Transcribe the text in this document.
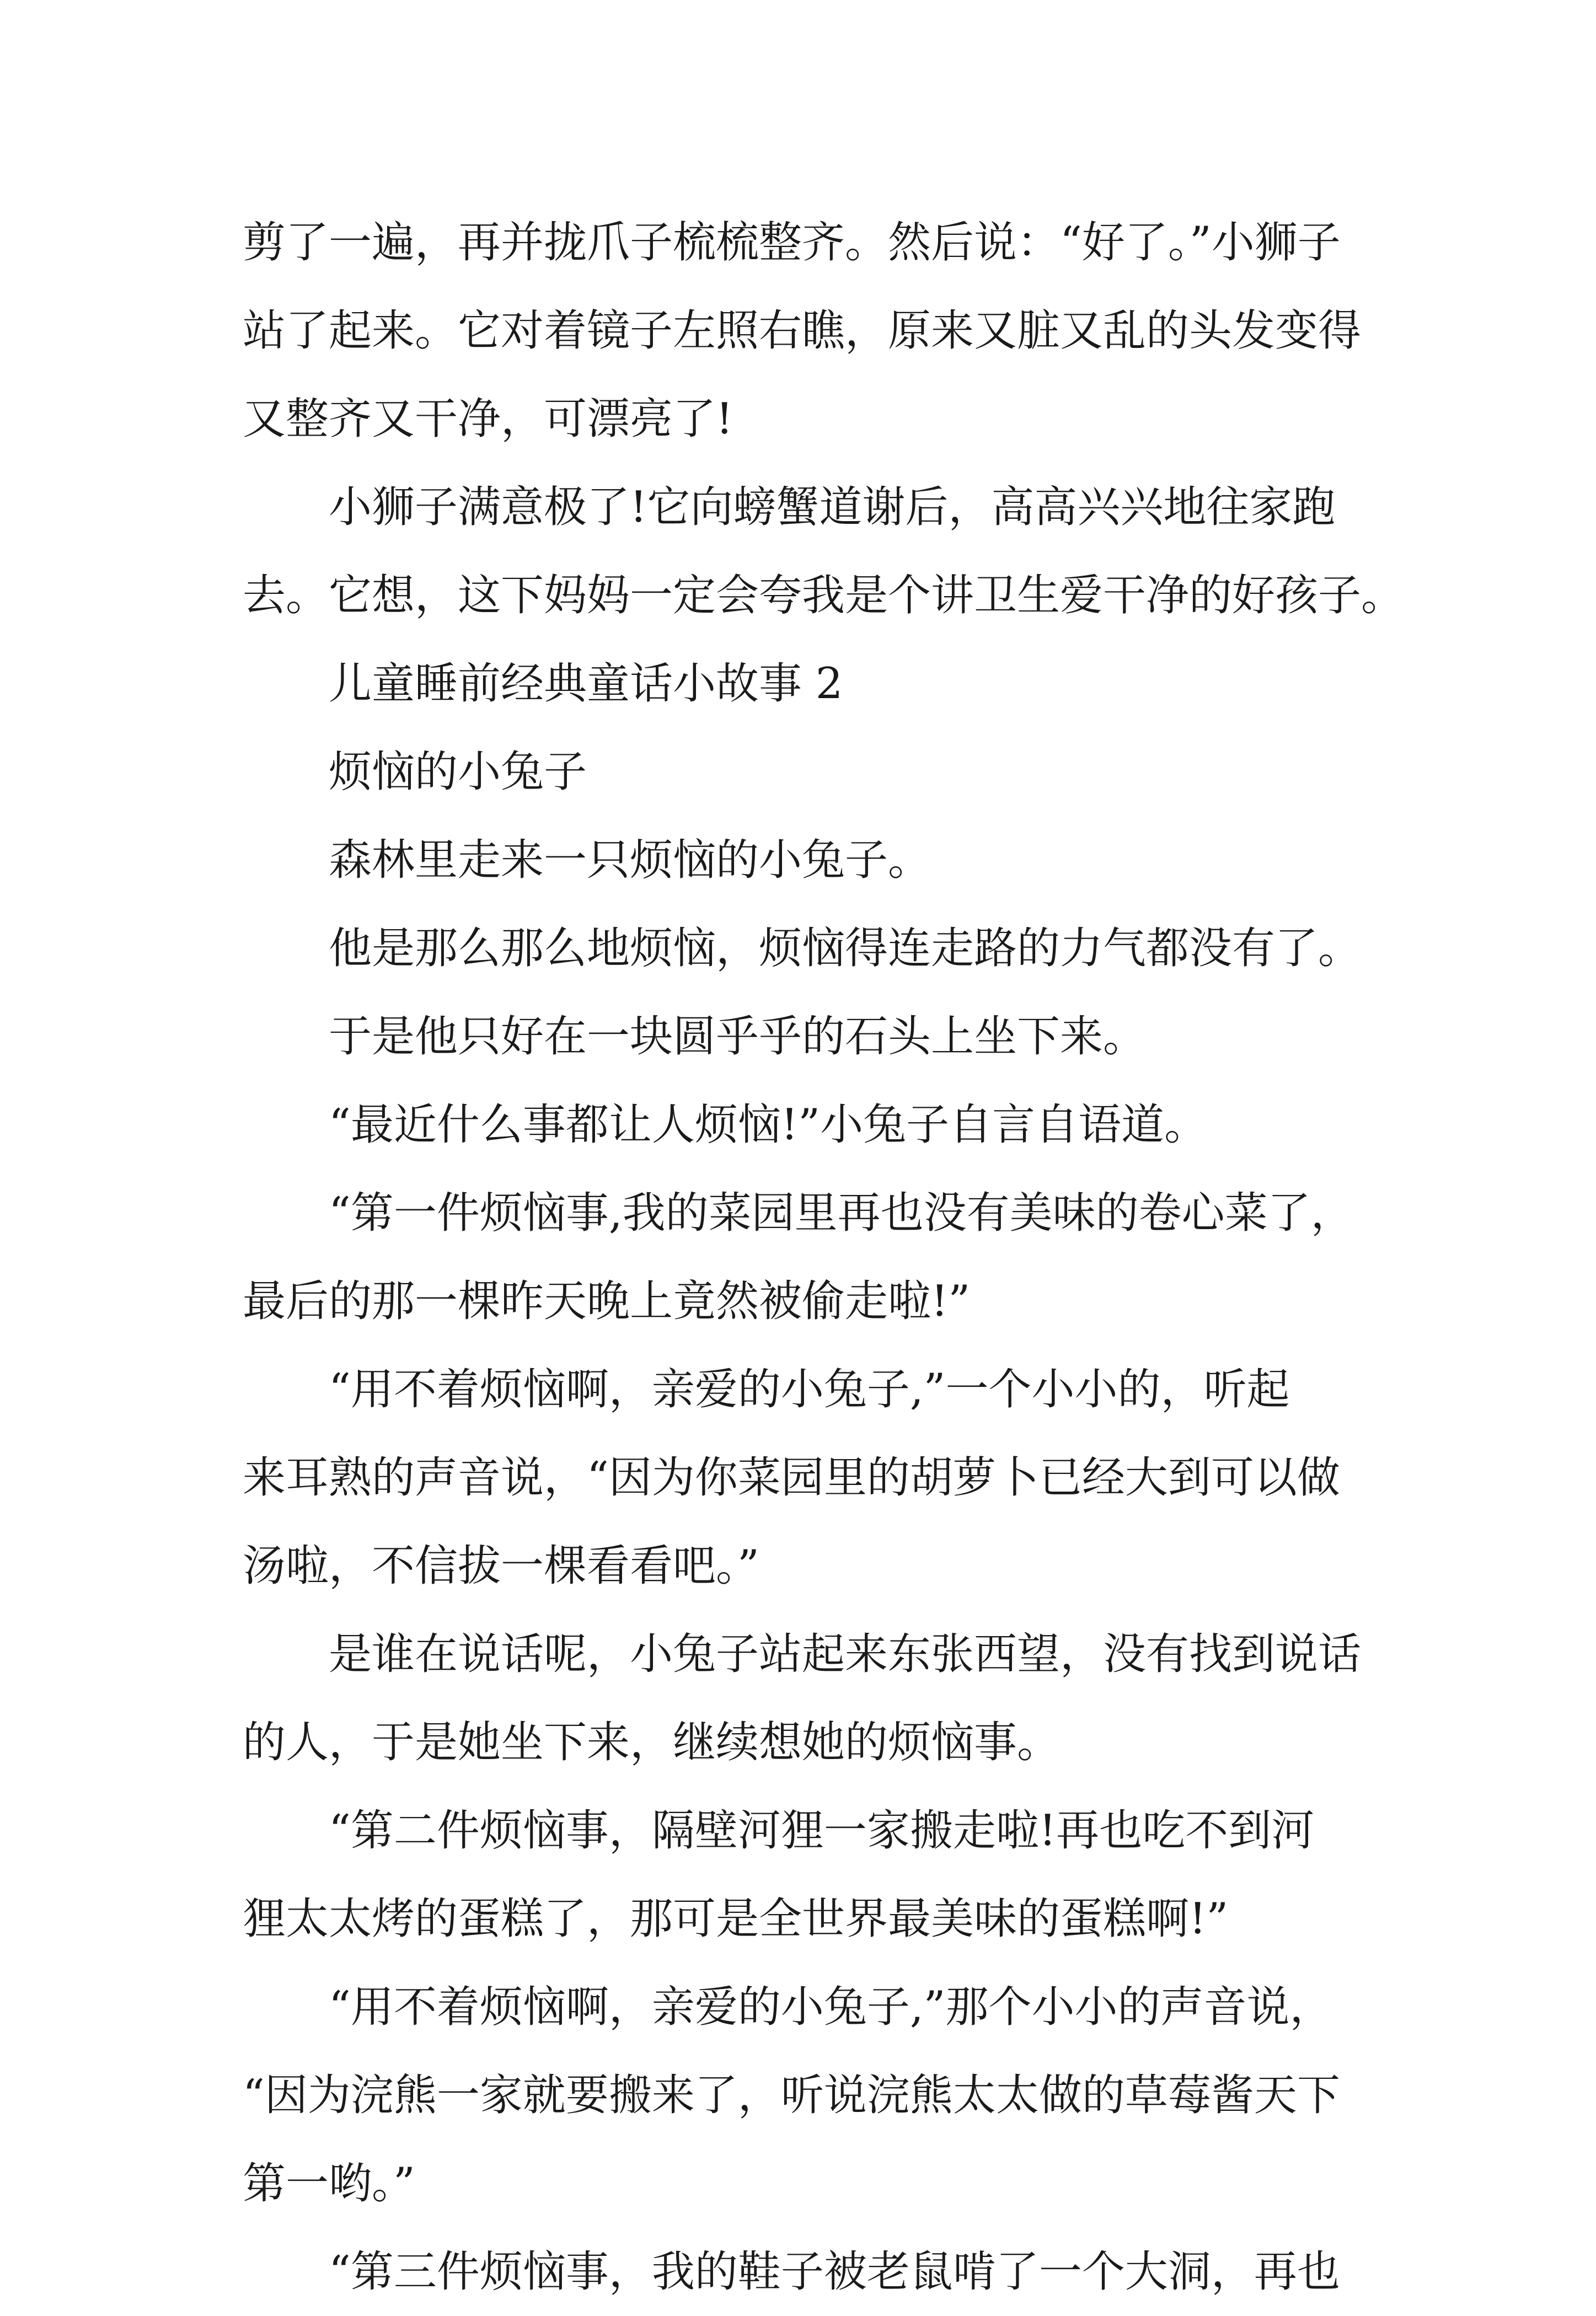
剪了一遍，再并拢爪子梳梳整齐。然后说：“好了。”小狮子
站了起来。它对着镜子左照右瞧，原来又脏又乱的头发变得
又整齐又干净，可漂亮了!
小狮子满意极了!它向螃蟹道谢后，高高兴兴地往家跑
去。它想，这下妈妈一定会夸我是个讲卫生爱干净的好孩子。
儿童睡前经典童话小故事 2
烦恼的小兔子
森林里走来一只烦恼的小兔子。
他是那么那么地烦恼，烦恼得连走路的力气都没有了。
于是他只好在一块圆乎乎的石头上坐下来。
“最近什么事都让人烦恼!”小兔子自言自语道。
“第一件烦恼事,我的菜园里再也没有美味的卷心菜了，
最后的那一棵昨天晚上竟然被偷走啦!”
“用不着烦恼啊，亲爱的小兔子,”一个小小的，听起
来耳熟的声音说，“因为你菜园里的胡萝卜已经大到可以做
汤啦，不信拔一棵看看吧。”
是谁在说话呢，小兔子站起来东张西望，没有找到说话
的人，于是她坐下来，继续想她的烦恼事。
“第二件烦恼事，隔壁河狸一家搬走啦!再也吃不到河
狸太太烤的蛋糕了，那可是全世界最美味的蛋糕啊!”
“用不着烦恼啊，亲爱的小兔子,”那个小小的声音说，
“因为浣熊一家就要搬来了，听说浣熊太太做的草莓酱天下
第一哟。”
“第三件烦恼事，我的鞋子被老鼠啃了一个大洞，再也
